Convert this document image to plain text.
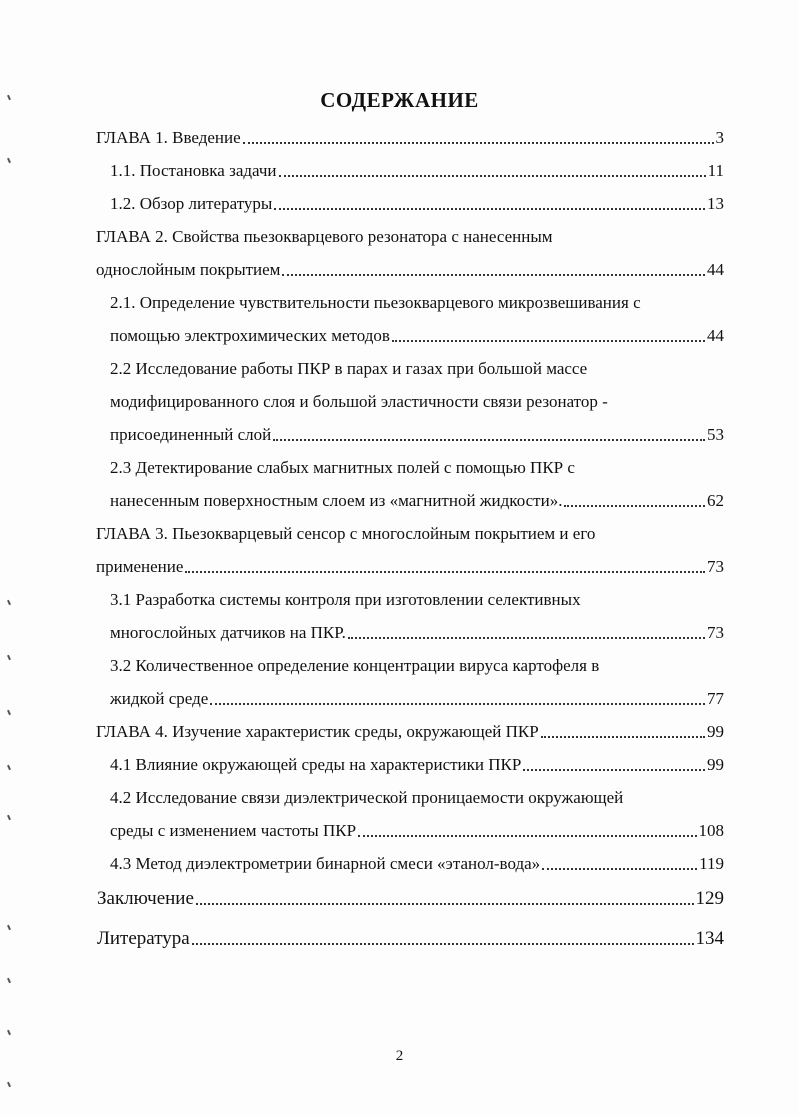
СОДЕРЖАНИЕ
ГЛАВА 1. Введение	3
1.1. Постановка задачи	11
1.2. Обзор литературы	13
ГЛАВА 2. Свойства пьезокварцевого резонатора с нанесенным
однослойным покрытием	44
2.1. Определение чувствительности пьезокварцевого микрозвешивания с
помощью электрохимических методов	44
2.2 Исследование работы ПКР в парах и газах при большой массе
модифицированного слоя и большой эластичности связи резонатор -
присоединенный слой	53
2.3 Детектирование слабых магнитных полей с помощью ПКР с
нанесенным поверхностным слоем из «магнитной жидкости».	62
ГЛАВА 3. Пьезокварцевый сенсор с многослойным покрытием и его
применение	73
3.1 Разработка системы контроля при изготовлении селективных
многослойных датчиков на ПКР.	73
3.2 Количественное определение концентрации вируса картофеля в
жидкой среде	77
ГЛАВА 4. Изучение характеристик среды, окружающей ПКР	99
4.1 Влияние окружающей среды на характеристики ПКР	99
4.2 Исследование связи диэлектрической проницаемости окружающей
среды с изменением частоты ПКР	108
4.3 Метод диэлектрометрии бинарной смеси «этанол-вода»	119
Заключение	129
Литература	134
2
